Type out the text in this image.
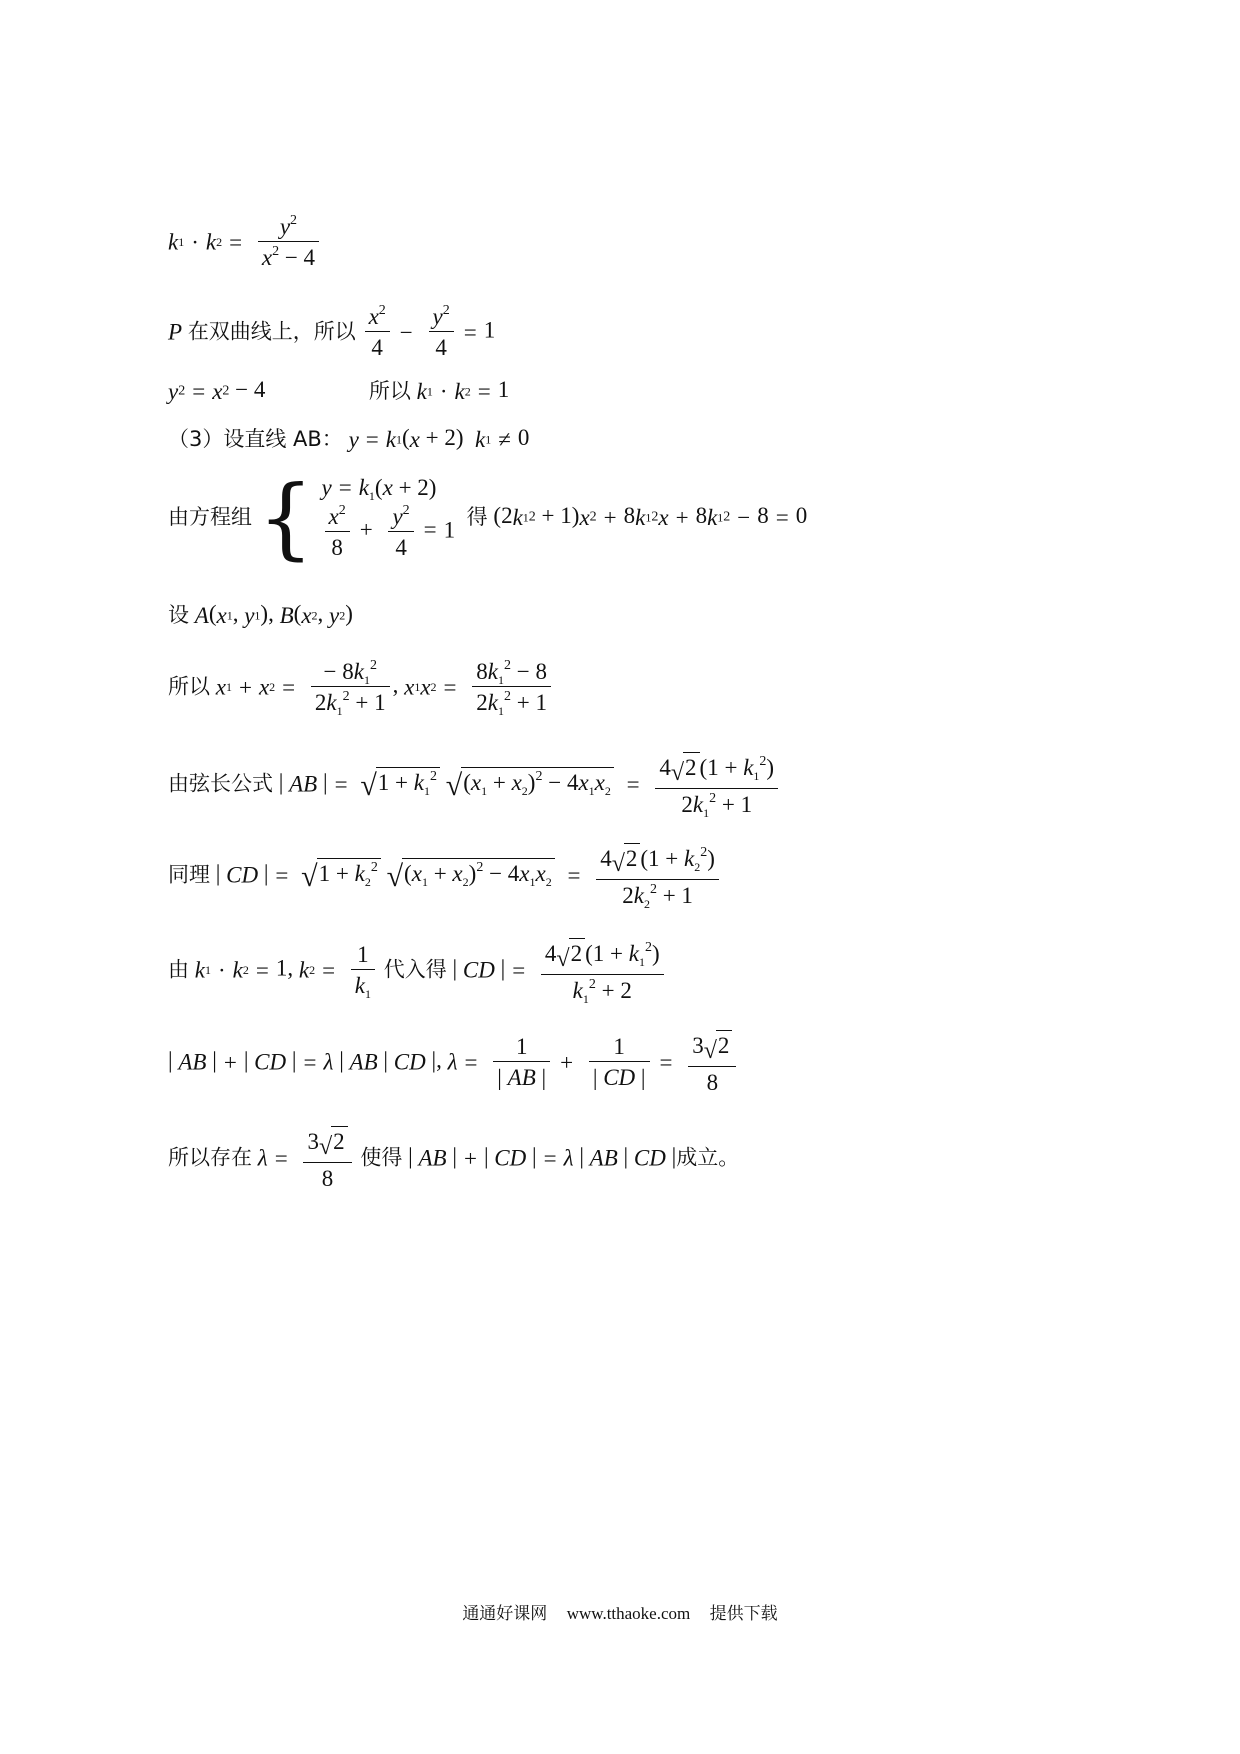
$k1 \cdot k2 = \frac{y^2}{x^2 - 4}$
P 在双曲线上，所以 $\frac{x^2}{4} - \frac{y^2}{4} = 1$
y2 = x2 − 4	所以 k1 · k2 = 1
（3）设直线 AB： y = k1(x + 2)  k1 ≠ 0
由方程组 { $y = k_1(x + 2)$
$\frac{x^2}{8} + \frac{y^2}{4} = 1$
得 (2k12 + 1)x2 + 8k12x + 8k12 − 8 = 0
设 A(x1, y1), B(x2, y2)
所以 $x1 + x2 = \frac{- 8k_1^2}{2k_1^2 + 1}$ , $x1x2 = \frac{8k_1^2 - 8}{2k_1^2 + 1}$
由弦长公式 | AB | = $√1 + k_1^2$ $√(x_1 + x_2)^2 - 4x_1x_2 = \frac{4√2 (1 + k_1^2)}{2k_1^2 + 1}$
同理 | CD | = $√1 + k_2^2$ $√(x_1 + x_2)^2 - 4x_1x_2 = \frac{4√2 (1 + k_2^2)}{2k_2^2 + 1}$
由 k1 · k2 = 1, $k2 = \frac{1}{k_1}$ 代入得 | CD | = $\frac{4√2 (1 + k_1^2)}{k_1^2 + 2}$
| AB | + | CD | = λ | AB | CD |, $\lambda = \frac{1}{| AB |} + \frac{1}{| CD |} = \frac{3√2}{8}$
所以存在 $\lambda = \frac{3√2}{8}$ 使得 | AB | + | CD | = λ | AB | CD |成立。
通通好课网 www.tthaoke.com 提供下载
